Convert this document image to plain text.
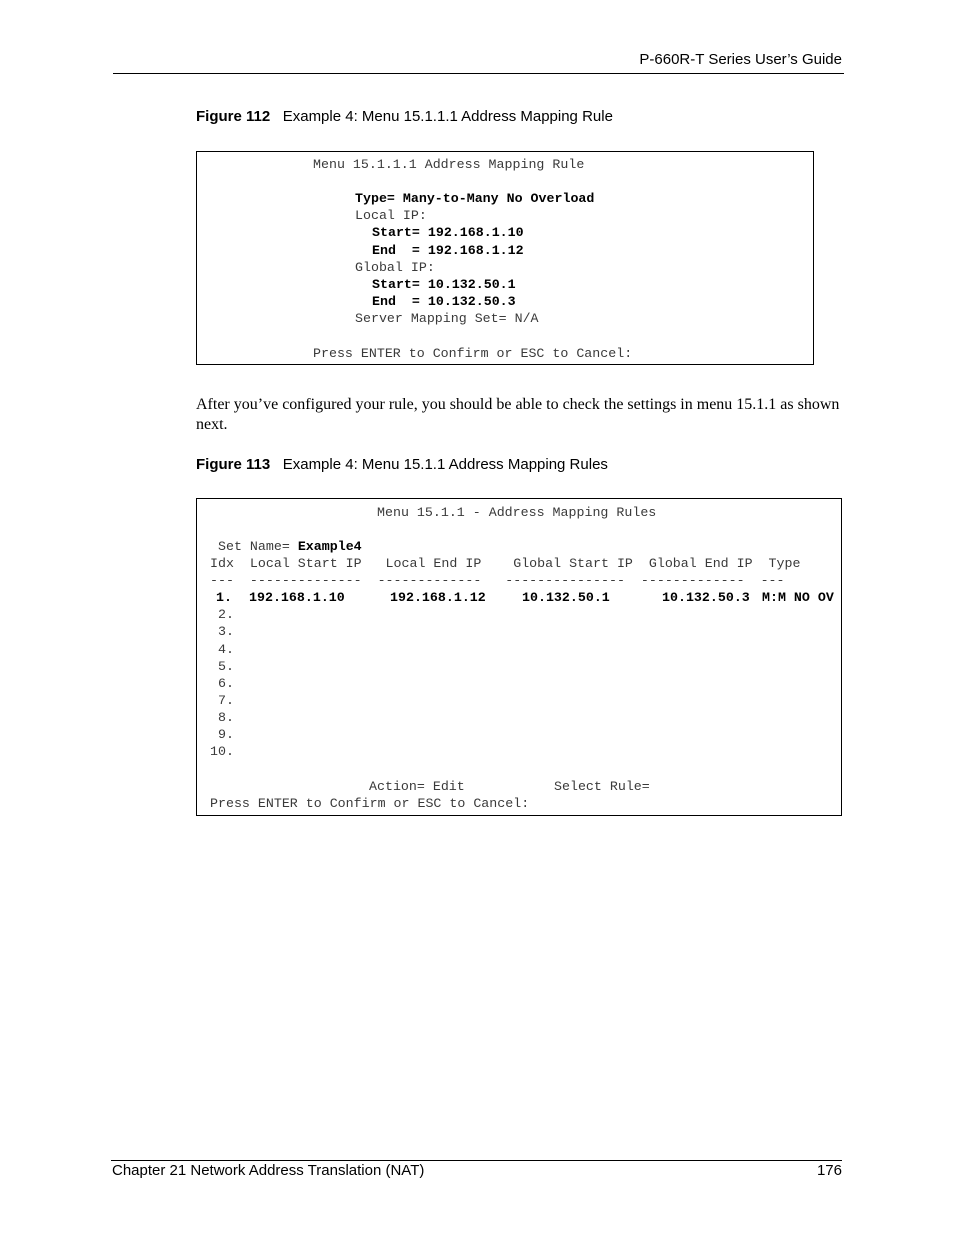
P-660R-T Series User’s Guide
Figure 112 Example 4: Menu 15.1.1.1 Address Mapping Rule
Menu 15.1.1.1 Address Mapping Rule
Type= Many-to-Many No Overload
Local IP:
Start= 192.168.1.10
End  = 192.168.1.12
Global IP:
Start= 10.132.50.1
End  = 10.132.50.3
Server Mapping Set= N/A
Press ENTER to Confirm or ESC to Cancel:
After you’ve configured your rule, you should be able to check the settings in menu 15.1.1 as shown next.
Figure 113 Example 4: Menu 15.1.1 Address Mapping Rules
Menu 15.1.1 - Address Mapping Rules
Set Name= Example4
Idx  Local Start IP   Local End IP    Global Start IP  Global End IP  Type
---  --------------  -------------   ---------------  -------------  ---
1. 192.168.1.10	192.168.1.12	10.132.50.1	10.132.50.3 M:M NO OV
2.
3.
4.
5.
6.
7.
8.
9.
10.
Action= Edit	Select Rule=
Press ENTER to Confirm or ESC to Cancel:
Chapter 21 Network Address Translation (NAT)	176
